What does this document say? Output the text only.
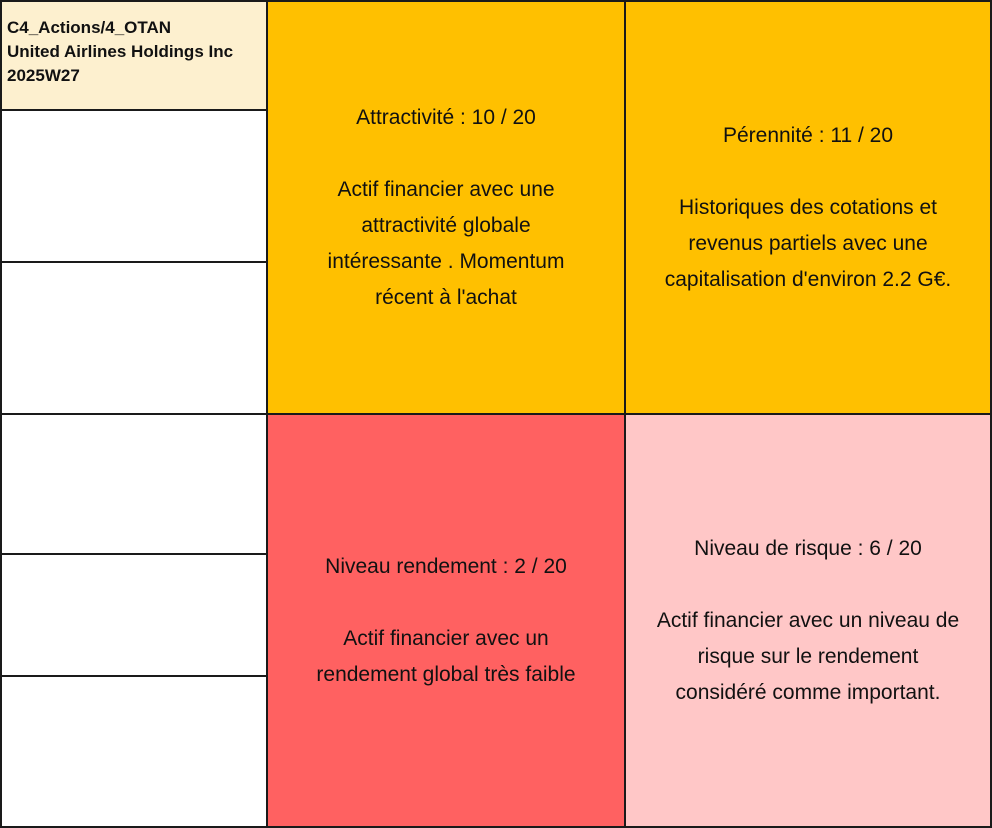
C4_Actions/4_OTAN
United Airlines Holdings Inc
2025W27
Attractivité : 10 / 20
Actif financier avec une
attractivité globale
intéressante . Momentum
récent à l'achat
Pérennité : 11 / 20
Historiques des cotations et
revenus partiels avec une
capitalisation d'environ 2.2 G€.
Niveau rendement : 2 / 20
Actif financier avec un
rendement global très faible
Niveau de risque : 6 / 20
Actif financier avec un niveau de
risque sur le rendement
considéré comme important.
